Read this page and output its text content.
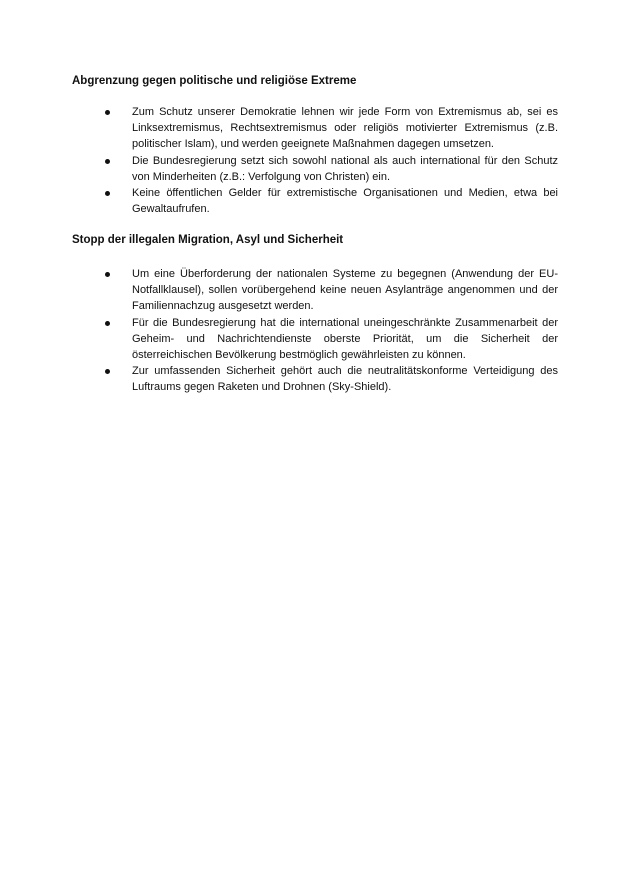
Abgrenzung gegen politische und religiöse Extreme
Zum Schutz unserer Demokratie lehnen wir jede Form von Extremismus ab, sei es Linksextremismus, Rechtsextremismus oder religiös motivierter Extremismus (z.B. politischer Islam), und werden geeignete Maßnahmen dagegen umsetzen.
Die Bundesregierung setzt sich sowohl national als auch international für den Schutz von Minderheiten (z.B.: Verfolgung von Christen) ein.
Keine öffentlichen Gelder für extremistische Organisationen und Medien, etwa bei Gewaltaufrufen.
Stopp der illegalen Migration, Asyl und Sicherheit
Um eine Überforderung der nationalen Systeme zu begegnen (Anwendung der EU-Notfallklausel), sollen vorübergehend keine neuen Asylanträge angenommen und der Familiennachzug ausgesetzt werden.
Für die Bundesregierung hat die international uneingeschränkte Zusammenarbeit der Geheim- und Nachrichtendienste oberste Priorität, um die Sicherheit der österreichischen Bevölkerung bestmöglich gewährleisten zu können.
Zur umfassenden Sicherheit gehört auch die neutralitätskonforme Verteidigung des Luftraums gegen Raketen und Drohnen (Sky-Shield).
